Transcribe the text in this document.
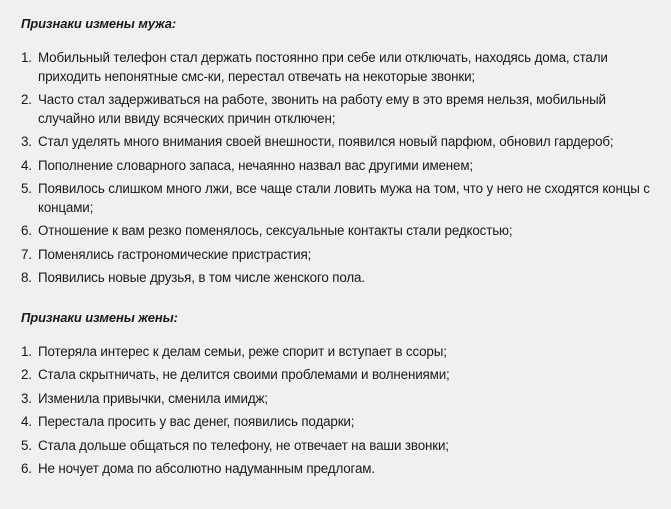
Признаки измены мужа:
1. Мобильный телефон стал держать постоянно при себе или отключать, находясь дома, стали приходить непонятные смс-ки, перестал отвечать на некоторые звонки;
2. Часто стал задерживаться на работе, звонить на работу ему в это время нельзя, мобильный случайно или ввиду всяческих причин отключен;
3. Стал уделять много внимания своей внешности, появился новый парфюм, обновил гардероб;
4. Пополнение словарного запаса, нечаянно назвал вас другими именем;
5. Появилось слишком много лжи, все чаще стали ловить мужа на том, что у него не сходятся концы с концами;
6. Отношение к вам резко поменялось, сексуальные контакты стали редкостью;
7. Поменялись гастрономические пристрастия;
8. Появились новые друзья, в том числе женского пола.
Признаки измены жены:
1. Потеряла интерес к делам семьи, реже спорит и вступает в ссоры;
2. Стала скрытничать, не делится своими проблемами и волнениями;
3. Изменила привычки, сменила имидж;
4. Перестала просить у вас денег, появились подарки;
5. Стала дольше общаться по телефону, не отвечает на ваши звонки;
6. Не ночует дома по абсолютно надуманным предлогам.
